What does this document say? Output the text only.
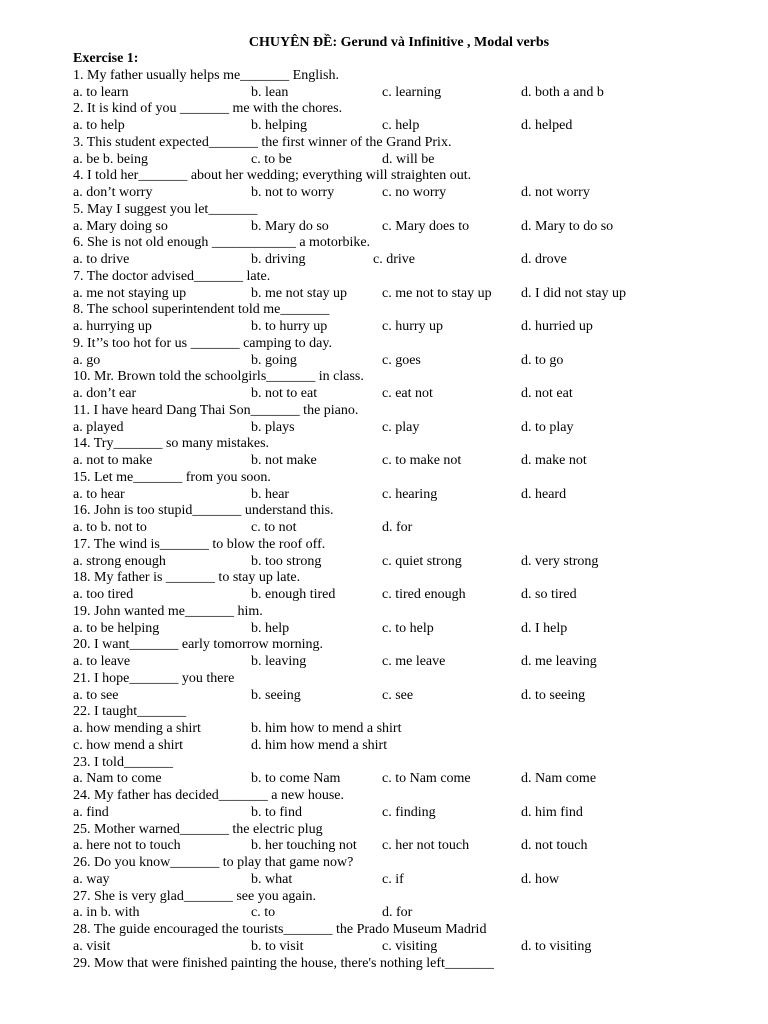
CHUYÊN ĐỀ: Gerund và Infinitive , Modal verbs
Exercise 1:
1. My father usually helps me_______ English.
a. to learn	b. lean	c. learning	d. both a and b
2. It is kind of you _______ me with the chores.
a. to help	b. helping	c. help	d. helped
3. This student expected_______ the first winner of the Grand Prix.
a. be b. being	c. to be	d. will be
4. I told her_______ about her wedding; everything will straighten out.
a. don’t worry	b. not to worry	c. no worry	d. not worry
5. May I suggest you let_______
a. Mary doing so	b. Mary do so	c. Mary does to	d. Mary to do so
6. She is not old enough ____________ a motorbike.
a. to drive	b. driving	c. drive	d. drove
7. The doctor advised_______ late.
a. me not staying up	b. me not stay up c. me not to stay up d. I did not stay up
8. The school superintendent told me_______
a. hurrying up	b. to hurry up	c. hurry up	d. hurried up
9. It’’s too hot for us _______ camping to day.
a. go	b. going	c. goes	d. to go
10. Mr. Brown told the schoolgirls_______ in class.
a. don’t ear	b. not to eat	c. eat not	d. not eat
11. I have heard Dang Thai Son_______ the piano.
a. played	b. plays	c. play	d. to play
14. Try_______ so many mistakes.
a. not to make	b. not make	c. to make not	d. make not
15. Let me_______ from you soon.
a. to hear	b. hear	c. hearing	d. heard
16. John is too stupid_______ understand this.
a. to b. not to	c. to not	d. for
17. The wind is_______ to blow the roof off.
a. strong enough	b. too strong	c. quiet strong	d. very strong
18. My father is _______ to stay up late.
a. too tired	b. enough tired	c. tired enough	d. so tired
19. John wanted me_______ him.
a. to be helping	b. help	c. to help	d. I help
20. I want_______ early tomorrow morning.
a. to leave	b. leaving	c. me leave	d. me leaving
21. I hope_______ you there
a. to see	b. seeing	c. see	d. to seeing
22. I taught_______
a. how mending a shirt	b. him how to mend a shirt
c. how mend a shirt	d. him how mend a shirt
23. I told_______
a. Nam to come	b. to come Nam	c. to Nam come	d. Nam come
24. My father has decided_______ a new house.
a. find	b. to find	c. finding	d. him find
25. Mother warned_______ the electric plug
a. here not to touch	b. her touching not c. her not touch	d. not touch
26. Do you know_______ to play that game now?
a. way	b. what	c. if	d. how
27. She is very glad_______ see you again.
a. in b. with	c. to	d. for
28. The guide encouraged the tourists_______ the Prado Museum Madrid
a. visit	b. to visit	c. visiting	d. to visiting
29. Mow that were finished painting the house, there's nothing left_______
